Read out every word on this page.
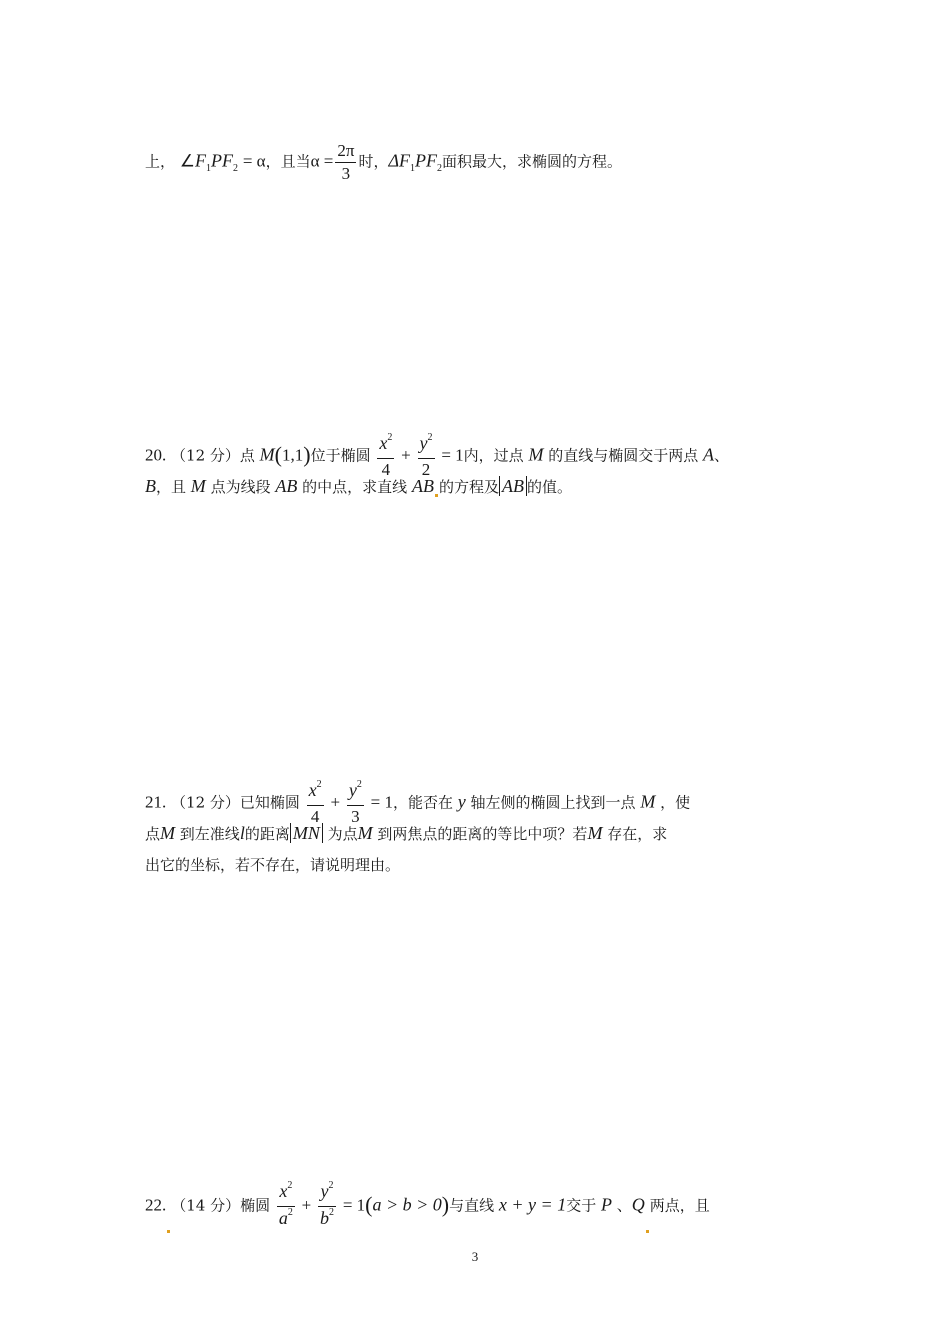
上， $\angle F_1PF_2 = \alpha$，且当$\alpha = \frac{2\pi}{3}$ 时，$\Delta F_1PF_2$面积最大，求椭圆的方程。
20. （12 分）点 M(1,1)位于椭圆 $\frac{x^2}{4} + \frac{y^2}{2} = 1$内，过点 M 的直线与椭圆交于两点 A、
B，且 M 点为线段 AB 的中点，求直线 AB 的方程及 AB 的值。
21. （12 分）已知椭圆 $\frac{x^2}{4} + \frac{y^2}{3} = 1$，能否在 y 轴左侧的椭圆上找到一点 M ，使
点M 到左准线l的距离 MN 为点M 到两焦点的距离的等比中项？若M 存在，求
出它的坐标，若不存在，请说明理由。
22. （14 分）椭圆 $\frac{x^2}{a^2} + \frac{y^2}{b^2} = 1(a > b > 0)$与直线 x + y = 1交于 P 、Q 两点，且
3
